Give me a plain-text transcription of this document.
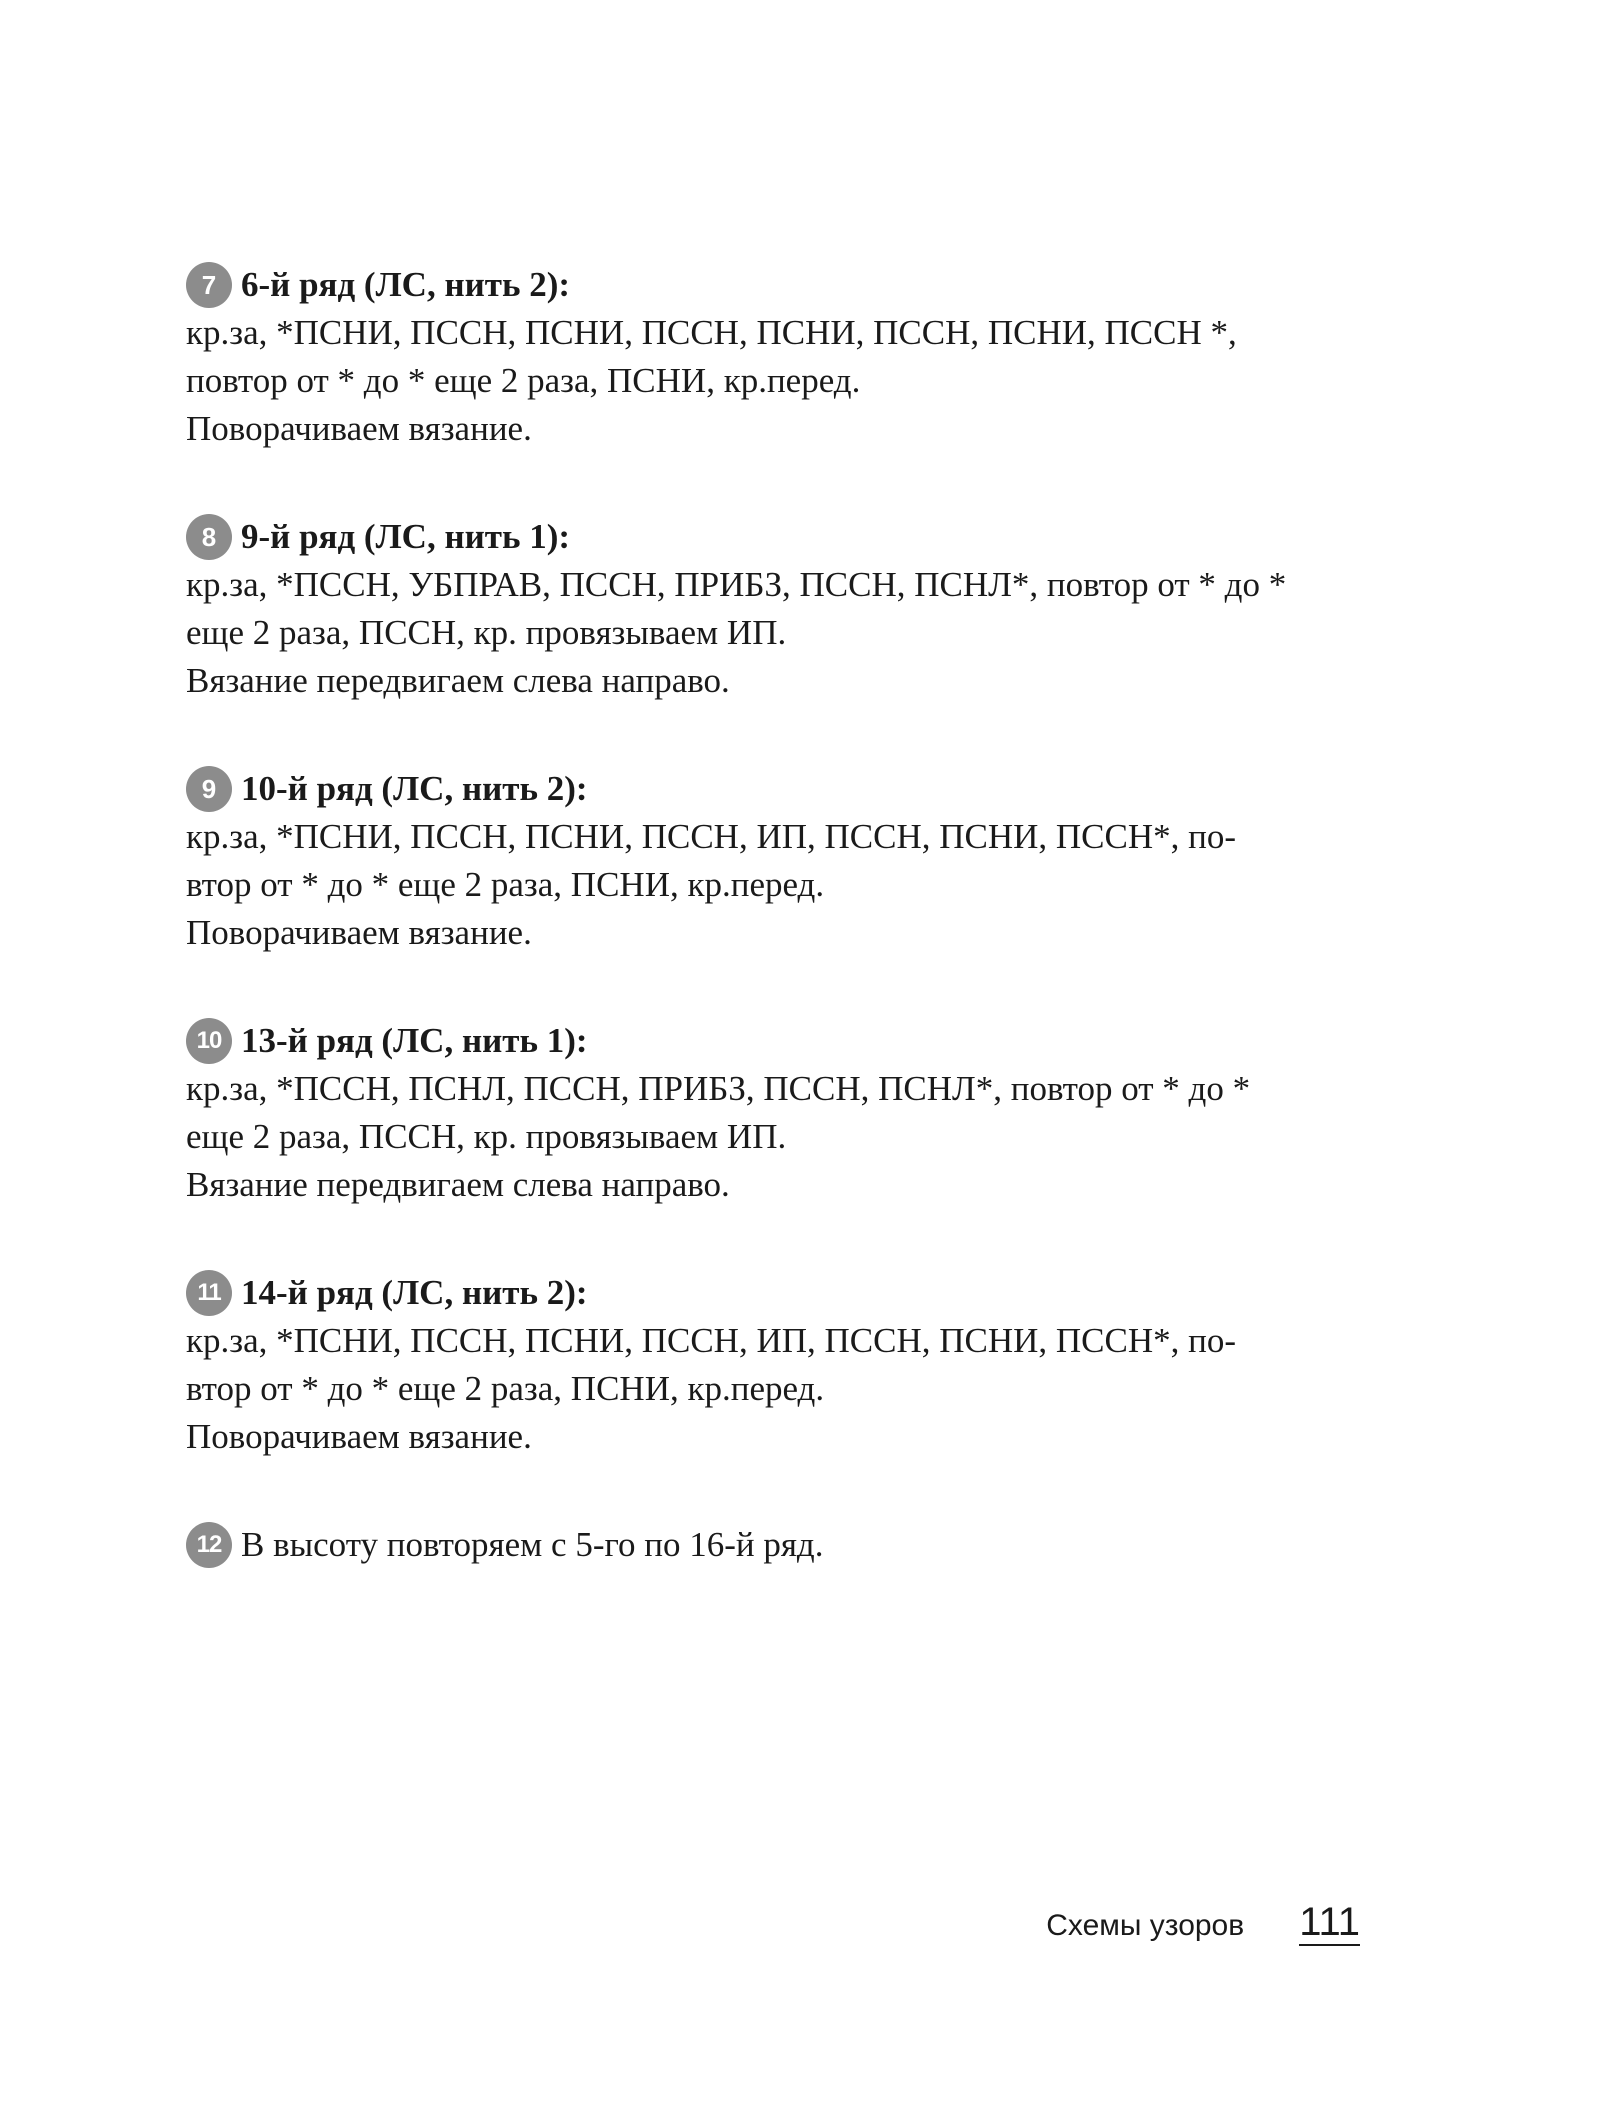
7 6-й ряд (ЛС, нить 2):
кр.за, *ПСНИ, ПССН, ПСНИ, ПССН, ПСНИ, ПССН, ПСНИ, ПССН *,
повтор от * до * еще 2 раза, ПСНИ, кр.перед.
Поворачиваем вязание.
8 9-й ряд (ЛС, нить 1):
кр.за, *ПССН, УБПРАВ, ПССН, ПРИБЗ, ПССН, ПСНЛ*, повтор от * до *
еще 2 раза, ПССН, кр. провязываем ИП.
Вязание передвигаем слева направо.
9 10-й ряд (ЛС, нить 2):
кр.за, *ПСНИ, ПССН, ПСНИ, ПССН, ИП, ПССН, ПСНИ, ПССН*, по-
втор от * до * еще 2 раза, ПСНИ, кр.перед.
Поворачиваем вязание.
10 13-й ряд (ЛС, нить 1):
кр.за, *ПССН, ПСНЛ, ПССН, ПРИБЗ, ПССН, ПСНЛ*, повтор от * до *
еще 2 раза, ПССН, кр. провязываем ИП.
Вязание передвигаем слева направо.
11 14-й ряд (ЛС, нить 2):
кр.за, *ПСНИ, ПССН, ПСНИ, ПССН, ИП, ПССН, ПСНИ, ПССН*, по-
втор от * до * еще 2 раза, ПСНИ, кр.перед.
Поворачиваем вязание.
12 В высоту повторяем с 5-го по 16-й ряд.
Схемы узоров 111
